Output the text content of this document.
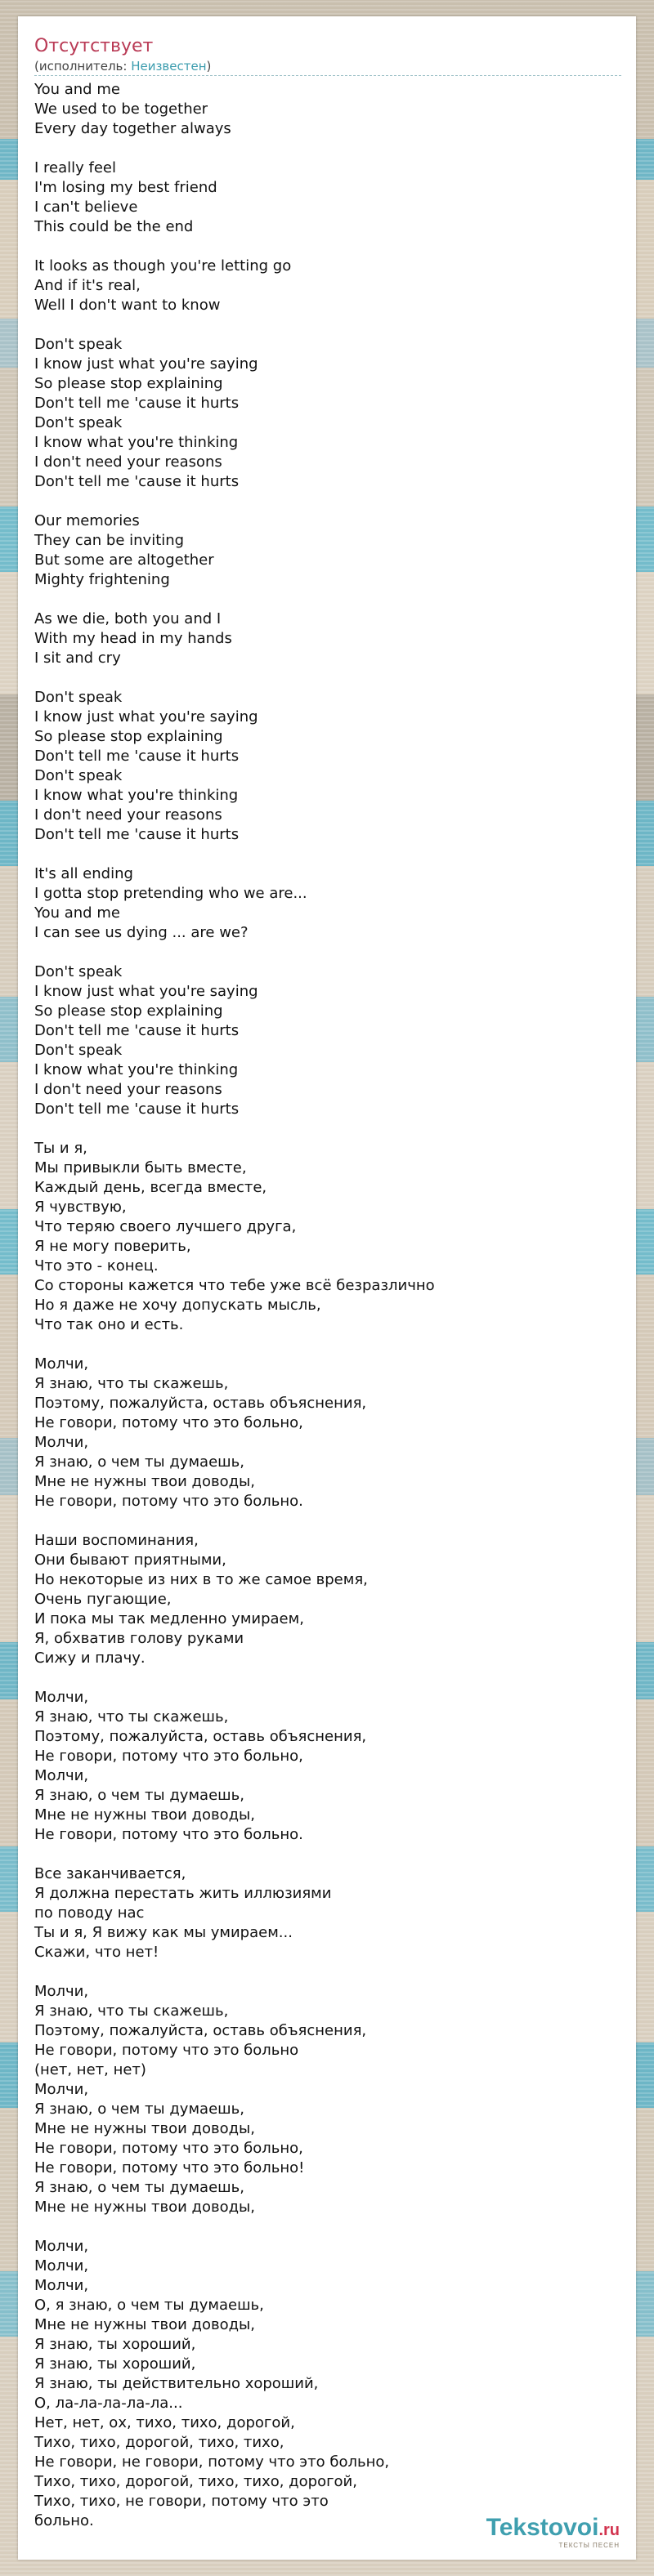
Отсутствует
(исполнитель: Неизвестен)
You and me
We used to be together
Every day together always
I really feel
I'm losing my best friend
I can't believe
This could be the end
It looks as though you're letting go
And if it's real,
Well I don't want to know
Don't speak
I know just what you're saying
So please stop explaining
Don't tell me 'cause it hurts
Don't speak
I know what you're thinking
I don't need your reasons
Don't tell me 'cause it hurts
Our memories
They can be inviting
But some are altogether
Mighty frightening
As we die, both you and I
With my head in my hands
I sit and cry
Don't speak
I know just what you're saying
So please stop explaining
Don't tell me 'cause it hurts
Don't speak
I know what you're thinking
I don't need your reasons
Don't tell me 'cause it hurts
It's all ending
I gotta stop pretending who we are...
You and me
I can see us dying ... are we?
Don't speak
I know just what you're saying
So please stop explaining
Don't tell me 'cause it hurts
Don't speak
I know what you're thinking
I don't need your reasons
Don't tell me 'cause it hurts
Ты и я,
Мы привыкли быть вместе,
Каждый день, всегда вместе,
Я чувствую,
Что теряю своего лучшего друга,
Я не могу поверить,
Что это - конец.
Со стороны кажется что тебе уже всё безразлично
Но я даже не хочу допускать мысль,
Что так оно и есть.
Молчи,
Я знаю, что ты скажешь,
Поэтому, пожалуйста, оставь объяснения,
Не говори, потому что это больно,
Молчи,
Я знаю, о чем ты думаешь,
Мне не нужны твои доводы,
Не говори, потому что это больно.
Наши воспоминания,
Они бывают приятными,
Но некоторые из них в то же самое время,
Очень пугающие,
И пока мы так медленно умираем,
Я, обхватив голову руками
Сижу и плачу.
Молчи,
Я знаю, что ты скажешь,
Поэтому, пожалуйста, оставь объяснения,
Не говори, потому что это больно,
Молчи,
Я знаю, о чем ты думаешь,
Мне не нужны твои доводы,
Не говори, потому что это больно.
Все заканчивается,
Я должна перестать жить иллюзиями
по поводу нас
Ты и я, Я вижу как мы умираем...
Скажи, что нет!
Молчи,
Я знаю, что ты скажешь,
Поэтому, пожалуйста, оставь объяснения,
Не говори, потому что это больно
(нет, нет, нет)
Молчи,
Я знаю, о чем ты думаешь,
Мне не нужны твои доводы,
Не говори, потому что это больно,
Не говори, потому что это больно!
Я знаю, о чем ты думаешь,
Мне не нужны твои доводы,
Молчи,
Молчи,
Молчи,
О, я знаю, о чем ты думаешь,
Мне не нужны твои доводы,
Я знаю, ты хороший,
Я знаю, ты хороший,
Я знаю, ты действительно хороший,
О, ла-ла-ла-ла-ла...
Нет, нет, ох, тихо, тихо, дорогой,
Тихо, тихо, дорогой, тихо, тихо,
Не говори, не говори, потому что это больно,
Тихо, тихо, дорогой, тихо, тихо, дорогой,
Тихо, тихо, не говори, потому что это
больно.	Tekstovoi.ru
ТЕКСТЫ ПЕСЕН
